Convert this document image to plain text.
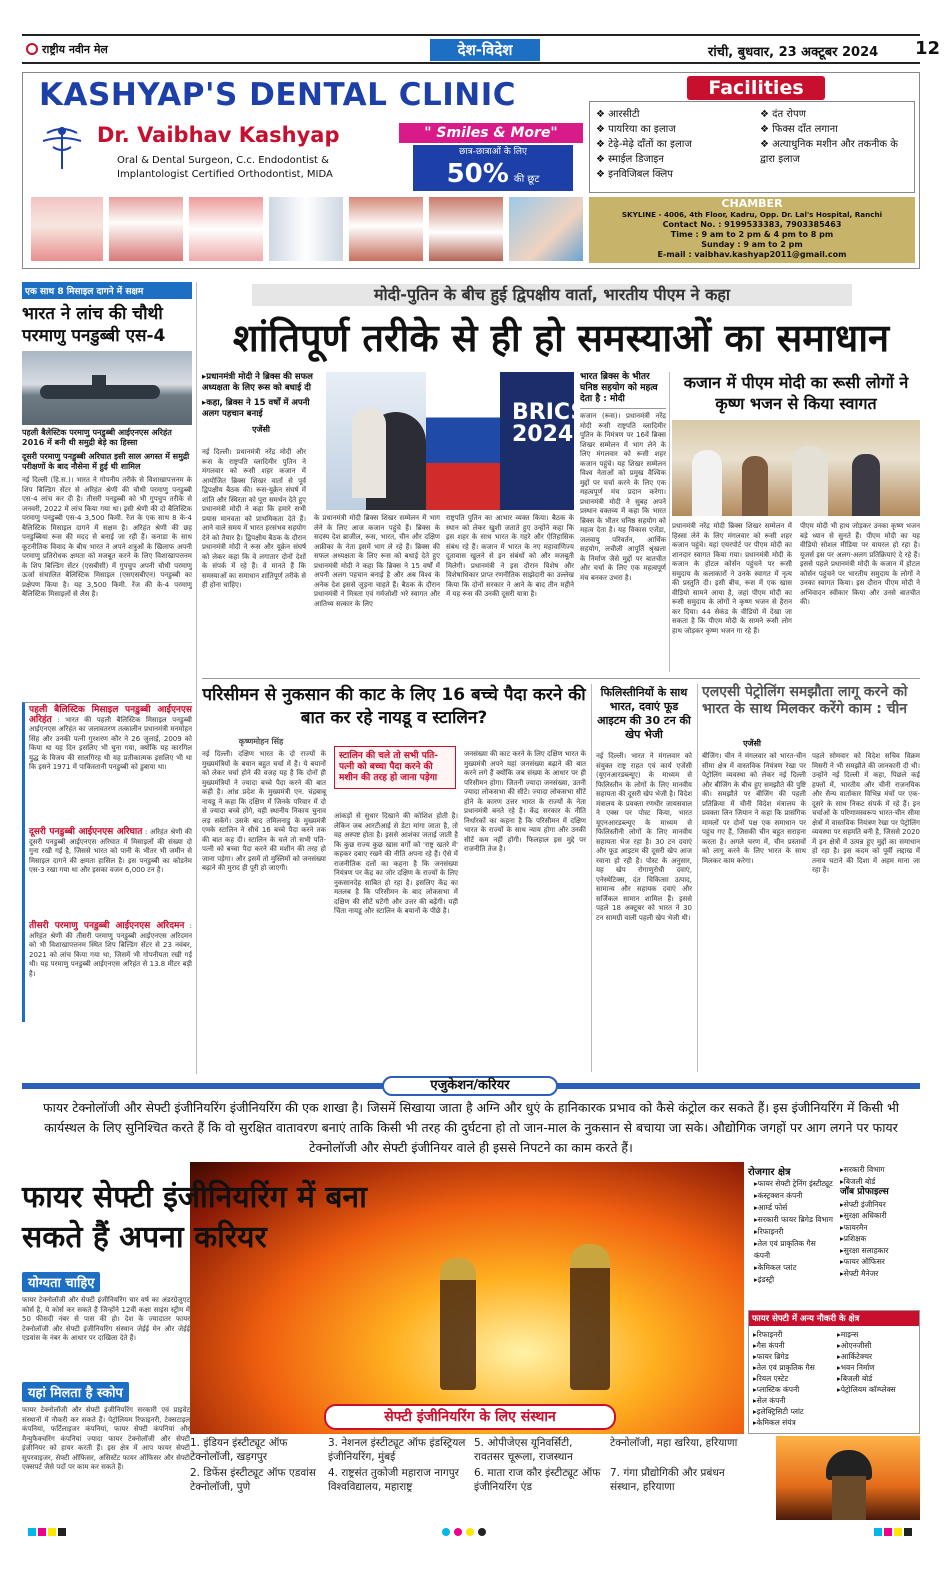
राष्ट्रीय नवीन मेल	देश-विदेश	रांची, बुधवार, 23 अक्टूबर 2024 12
KASHYAP'S DENTAL CLINIC
Dr. Vaibhav Kashyap	" Smiles & More"
Oral & Dental Surgeon, C.c. Endodontist &
Implantologist Certified Orthodontist, MIDA
छात्र-छात्राओं के लिए
50% की छूट
Facilities
❖ आरसीटी
❖ पायरिया का इलाज
❖ टेढ़े-मेढ़े दाँतों का इलाज
❖ स्माईल डिजाइन
❖ इनविजिबल क्लिप
❖ दंत रोपण
❖ फिक्स दाँत लगाना
❖ अत्याधुनिक मशीन और तकनीक के द्वारा इलाज
CHAMBER
SKYLINE - 4006, 4th Floor, Kadru, Opp. Dr. Lal's Hospital, Ranchi
Contact No. : 9199533383, 7903385463
Time : 9 am to 2 pm & 4 pm to 8 pm
Sunday : 9 am to 2 pm
E-mail : vaibhav.kashyap2011@gmail.com
एक साथ 8 मिसाइल दागने में सक्षम
भारत ने लांच की चौथी परमाणु पनडुब्बी एस-4
पहली बैलेस्टिक परमाणु पनडुब्बी आईएनएस अरिहंत 2016 में बनी थी समुद्री बेड़े का हिस्सा
दूसरी परमाणु पनडुब्बी अरिघात इसी साल अगस्त में समुद्री परीक्षणों के बाद नौसेना में हुई थी शामिल
नई दिल्ली (हि.स.)। भारत ने गोपनीय तरीके से विशाखापत्तनम के शिप बिल्डिंग सेंटर से अरिहंत श्रेणी की चौथी परमाणु पनडुब्बी एस-4 लांच कर दी है। तीसरी पनडुब्बी को भी गुपचुप तरीके से जनवरी, 2022 में लांच किया गया था। इसी श्रेणी की दो बैलिस्टिक परमाणु पनडुब्बी एस-4 3,500 किमी. रेंज के एक साथ 8 के-4 बैलिस्टिक मिसाइल दागने में सक्षम है। अरिहंत श्रेणी की छह पनडुब्बियां रूस की मदद से बनाई जा रही हैं। कनाडा के साथ कूटनीतिक विवाद के बीच भारत ने अपने शत्रुओं के खिलाफ अपनी परमाणु प्रतिरोधक क्षमता को मजबूत करने के लिए विशाखापत्तनम के शिप बिल्डिंग सेंटर (एसबीसी) में गुपचुप अपनी चौथी परमाणु ऊर्जा संचालित बैलिस्टिक मिसाइल (एसएसबीएन) पनडुब्बी का प्रक्षेपण किया है। यह 3,500 किमी. रेंज की के-4 परमाणु बैलिस्टिक मिसाइलों से लैस है।
पहली बैलिस्टिक मिसाइल पनडुब्बी आईएनएस अरिहंत : भारत की पहली बैलिस्टिक मिसाइल पनडुब्बी आईएनएस अरिहंत का जलावतरण तत्कालीन प्रधानमंत्री मनमोहन सिंह और उनकी पत्नी गुरशरण कौर ने 26 जुलाई, 2009 को किया था यह दिन इसलिए भी चुना गया, क्योंकि यह कारगिल युद्ध के विजय की सालगिरह थी यह प्रतीकात्मक इसलिए भी था कि इसने 1971 में पाकिस्तानी पनडुब्बी को डुबाया था।
दूसरी पनडुब्बी आईएनएस अरिघात : अरिहंत श्रेणी की दूसरी पनडुब्बी आईएनएस अरिघात में मिसाइलों की संख्या दो गुना रखी गई है, जिससे भारत को पानी के भीतर भी जमीन से मिसाइल दागने की क्षमता हासिल है। इस पनडुब्बी का कोडनेम एस-3 रखा गया था और इसका वजन 6,000 टन है।
तीसरी परमाणु पनडुब्बी आईएनएस अरिदमन : अरिहंत श्रेणी की तीसरी परमाणु पनडुब्बी आईएनएस अरिदमन को भी विशाखापत्तनम स्थित शिप बिल्डिंग सेंटर से 23 नवंबर, 2021 को लांच किया गया था, जिसमें भी गोपनीयता रखी गई थी। यह परमाणु पनडुब्बी आईएनएस अरिहंत से 13.8 मीटर बड़ी है।
मोदी-पुतिन के बीच हुई द्विपक्षीय वार्ता, भारतीय पीएम ने कहा
शांतिपूर्ण तरीके से ही हो समस्याओं का समाधान
▸ प्रधानमंत्री मोदी ने ब्रिक्स की सफल अध्यक्षता के लिए रूस को बधाई दी
▸ कहा, ब्रिक्स ने 15 वर्षों में अपनी अलग पहचान बनाई
एजेंसी
BRICS
2024
भारत ब्रिक्स के भीतर घनिष्ठ सहयोग को महत्व देता है : मोदी
कजान (रूस)। प्रधानमंत्री नरेंद्र मोदी रूसी राष्ट्रपति व्लादिमीर पुतिन के निमंत्रण पर 16वें ब्रिक्स शिखर सम्मेलन में भाग लेने के लिए मंगलवार को रूसी शहर कजान पहुंचे। यह शिखर सम्मेलन विश्व नेताओं को प्रमुख वैश्विक मुद्दों पर चर्चा करने के लिए एक महत्वपूर्ण मंच प्रदान करेगा। प्रधानमंत्री मोदी ने सुबह अपने प्रस्थान वक्तव्य में कहा कि भारत ब्रिक्स के भीतर घनिष्ठ सहयोग को महत्व देता है। यह विकास एजेंडा, जलवायु परिवर्तन, आर्थिक सहयोग, लचीली आपूर्ति श्रृंखला के निर्माण जैसे मुद्दों पर बातचीत और चर्चा के लिए एक महत्वपूर्ण मंच बनकर उभरा है।
नई दिल्ली। प्रधानमंत्री नरेंद्र मोदी और रूस के राष्ट्रपति व्लादिमीर पुतिन ने मंगलवार को रूसी शहर कजान में आयोजित ब्रिक्स शिखर वार्ता से पूर्व द्विपक्षीय बैठक की। रूस-यूक्रेन संघर्ष में शांति और स्थिरता को पूरा समर्थन देते हुए प्रधानमंत्री मोदी ने कहा कि हमारे सभी प्रयास मानवता को प्राथमिकता देते हैं। आने वाले समय में भारत हरसंभव सहयोग देने को तैयार है। द्विपक्षीय बैठक के दौरान प्रधानमंत्री मोदी ने रूस और यूक्रेन संघर्ष को लेकर कहा कि वे लगातार दोनों देशों के संपर्क में रहे हैं। वे मानते हैं कि समस्याओं का समाधान शांतिपूर्ण तरीके से ही होना चाहिए।
के प्रधानमंत्री मोदी ब्रिक्स शिखर सम्मेलन में भाग लेने के लिए आज कजान पहुंचे हैं। ब्रिक्स के सदस्य देश ब्राजील, रूस, भारत, चीन और दक्षिण अफ्रीका के नेता इसमें भाग ले रहे हैं। ब्रिक्स की सफल अध्यक्षता के लिए रूस को बधाई देते हुए प्रधानमंत्री मोदी ने कहा कि ब्रिक्स ने 15 वर्षों में अपनी अलग पहचान बनाई है और अब विश्व के अनेक देश इससे जुड़ना चाहते हैं। बैठक के दौरान प्रधानमंत्री ने मित्रता एवं गर्मजोशी भरे स्वागत और आतिथ्य सत्कार के लिए
राष्ट्रपति पुतिन का आभार व्यक्त किया। बैठक के स्थान को लेकर खुशी जताते हुए उन्होंने कहा कि इस शहर के साथ भारत के गहरे और ऐतिहासिक संबंध रहे हैं। कजान में भारत के नए महावाणिज्य दूतावास खुलने से इन संबंधों को और मजबूती मिलेगी। प्रधानमंत्री ने इस दौरान विशेष और विशेषाधिकार प्राप्त रणनीतिक साझेदारी का उल्लेख किया कि दोनों सरकार ने आने के बाद तीन महीने में यह रूस की उनकी दूसरी यात्रा है।
कजान में पीएम मोदी का रूसी लोगों ने कृष्ण भजन से किया स्वागत
प्रधानमंत्री नरेंद्र मोदी ब्रिक्स शिखर सम्मेलन में हिस्सा लेने के लिए मंगलवार को रूसी शहर कजान पहुंचे। यहां एयरपोर्ट पर पीएम मोदी का शानदार स्वागत किया गया। प्रधानमंत्री मोदी के कजान के होटल कोर्सन पहुंचने पर रूसी समुदाय के कलाकारों ने उनके स्वागत में नृत्य की प्रस्तुति दी। इसी बीच, रूस में एक खास वीडियो सामने आया है, जहां पीएम मोदी का रूसी समुदाय के लोगों ने कृष्ण भजन से हैरान कर दिया। 44 सेकंड के वीडियो में देखा जा सकता है कि पीएम मोदी के सामने रूसी लोग हाथ जोड़कर कृष्ण भजन गा रहे हैं।
पीएम मोदी भी हाथ जोड़कर उनका कृष्ण भजन बड़े ध्यान से सुनते हैं। पीएम मोदी का यह वीडियो सोशल मीडिया पर वायरल हो रहा है। यूजर्स इस पर अलग-अलग प्रतिक्रियाएं दे रहे हैं। इससे पहले प्रधानमंत्री मोदी के कजान में होटल कोर्सन पहुंचने पर भारतीय समुदाय के लोगों ने उनका स्वागत किया। इस दौरान पीएम मोदी ने अभिवादन स्वीकार किया और उनसे बातचीत की।
परिसीमन से नुकसान की काट के लिए 16 बच्चे पैदा करने की बात कर रहे नायडू व स्टालिन?
कृष्णमोहन सिंह
नई दिल्ली। दक्षिण भारत के दो राज्यों के मुख्यमंत्रियों के बयान बहुत चर्चा में हैं। ये बयानों को लेकर चर्चा होने की वजह यह है कि दोनों ही मुख्यमंत्रियों ने ज्यादा बच्चे पैदा करने की बात कही है। आंध्र प्रदेश के मुख्यमंत्री एन. चंद्रबाबू नायडू ने कहा कि दक्षिण में जिनके परिवार में दो से ज्यादा बच्चे होंगे, वही स्थानीय निकाय चुनाव लड़ सकेंगे। उसके बाद तमिलनाडु के मुख्यमंत्री एमके स्टालिन ने सीधे 16 बच्चे पैदा करने तक की बात कह दी। स्टालिन के चले तो सभी पति-पत्नी को बच्चा पैदा करने की मशीन की तरह हो जाना पड़ेगा। और इसमें तो मुस्लिमों को जनसंख्या बढ़ाने की मुराद ही पूरी हो जाएगी।
स्टालिन की चले तो सभी पति-पत्नी को बच्चा पैदा करने की मशीन की तरह हो जाना पड़ेगा
आंकड़ों से सुधार दिखाने की कोशिश होती है। लेकिन जब आरटीआई से डेटा मांगा जाता है, तो वह अस्पष्ट होता है। इससे आशंका जताई जाती है कि कुछ राज्य कुछ खास वर्गों को 'राष्ट्र खतरे में' कहकर दबाए रखने की नीति अपना रहे हैं। ऐसे में राजनीतिक दलों का कहना है कि जनसंख्या नियंत्रण पर केंद्र का जोर दक्षिण के राज्यों के लिए नुकसानदेह साबित हो रहा है। इसलिए केंद्र का मतलब है कि परिसीमन के बाद लोकसभा में दक्षिण की सीटें घटेंगी और उत्तर की बढ़ेंगी। यही चिंता नायडू और स्टालिन के बयानों के पीछे है।
जनसंख्या की काट करने के लिए दक्षिण भारत के मुख्यमंत्री अपने यहां जनसंख्या बढ़ाने की बात करने लगे हैं क्योंकि जब संख्या के आधार पर ही परिसीमन होगा। जितनी ज्यादा जनसंख्या, उतनी ज्यादा लोकसभा की सीटें। ज्यादा लोकसभा सीटें होने के कारण उत्तर भारत के राज्यों के नेता प्रधानमंत्री बनते रहे हैं। केंद्र सरकार के नीति निर्धारकों का कहना है कि परिसीमन में दक्षिण भारत के राज्यों के साथ न्याय होगा और उनकी सीटें कम नहीं होंगी। फिलहाल इस मुद्दे पर राजनीति तेज है।
फिलिस्तीनियों के साथ भारत, दवाएं फूड आइटम की 30 टन की खेप भेजी
नई दिल्ली। भारत ने मंगलवार को संयुक्त राष्ट्र राहत एवं कार्य एजेंसी (यूएनआरडब्ल्यूए) के माध्यम से फिलिस्तीन के लोगों के लिए मानवीय सहायता की दूसरी खेप भेजी है। विदेश मंत्रालय के प्रवक्ता रणधीर जायसवाल ने एक्स पर पोस्ट किया, भारत यूएनआरडब्ल्यूए के माध्यम से फिलिस्तीनी लोगों के लिए मानवीय सहायता भेज रहा है। 30 टन दवाएं और फूड आइटम की दूसरी खेप आज रवाना हो रही है। पोस्ट के अनुसार, यह खेप रोगाणुरोधी दवाएं, एनेस्थेटिक्स, दंत चिकित्सा उत्पाद, सामान्य और सहायक दवाएं और सर्जिकल सामान शामिल हैं। इससे पहले 18 अक्टूबर को भारत ने 30 टन सामग्री वाली पहली खेप भेजी थी।
एलएसी पेट्रोलिंग समझौता लागू करने को भारत के साथ मिलकर करेंगे काम : चीन
एजेंसी
बीजिंग। चीन ने मंगलवार को भारत-चीन सीमा क्षेत्र में वास्तविक नियंत्रण रेखा पर पेट्रोलिंग व्यवस्था को लेकर नई दिल्ली और बीजिंग के बीच हुए समझौते की पुष्टि की। समझौते पर बीजिंग की पहली प्रतिक्रिया में चीनी विदेश मंत्रालय के प्रवक्ता लिन जियान ने कहा कि प्रासंगिक मामलों पर दोनों पक्ष एक समाधान पर पहुंच गए हैं, जिसकी चीन बहुत सराहना करता है। अगले चरण में, चीन प्रस्तावों को लागू करने के लिए भारत के साथ मिलकर काम करेगा।
पहले सोमवार को विदेश सचिव विक्रम मिसरी ने भी समझौते की जानकारी दी थी। उन्होंने नई दिल्ली में कहा, पिछले कई हफ्तों में, भारतीय और चीनी राजनयिक और सैन्य वार्ताकार विभिन्न मंचों पर एक-दूसरे के साथ निकट संपर्क में रहे हैं। इन चर्चाओं के परिणामस्वरूप भारत-चीन सीमा क्षेत्रों में वास्तविक नियंत्रण रेखा पर पेट्रोलिंग व्यवस्था पर सहमति बनी है, जिससे 2020 में इन क्षेत्रों में उत्पन्न हुए मुद्दों का समाधान हो रहा है। इस कदम को पूर्वी लद्दाख में तनाव घटाने की दिशा में अहम माना जा रहा है।
एजुकेशन/करियर
फायर टेक्नोलॉजी और सेफ्टी इंजीनियरिंग इंजीनियरिंग की एक शाखा है। जिसमें सिखाया जाता है अग्नि और धुएं के हानिकारक प्रभाव को कैसे कंट्रोल कर सकते हैं। इस इंजीनियरिंग में किसी भी कार्यस्थल के लिए सुनिश्चित करते हैं कि वो सुरक्षित वातावरण बनाएं ताकि किसी भी तरह की दुर्घटना हो तो जान-माल के नुकसान से बचाया जा सके। औद्योगिक जगहों पर आग लगने पर फायर टेक्नोलॉजी और सेफ्टी इंजीनियर वाले ही इससे निपटने का काम करते हैं।
फायर सेफ्टी इंजीनियरिंग में बना सकते हैं अपना करियर
योग्यता चाहिए
फायर टेक्नोलॉजी और सेफ्टी इंजीनियरिंग चार वर्ष का अंडरग्रेजुएट कोर्स है, ये कोर्स कर सकते हैं जिन्होंने 12वीं कक्षा साइंस स्ट्रीम में 50 फीसदी नंबर से पास की हो। देश के ज्यादातर फायर टेक्नोलॉजी और सेफ्टी इंजीनियरिंग संस्थान जेईई मेन और जेईई एडवांस के नंबर के आधार पर दाखिला देते हैं।
यहां मिलता है स्कोप
फायर टेक्नोलॉजी और सेफ्टी इंजीनियरिंग सरकारी एवं प्राइवेट संस्थानों में नौकरी कर सकते हैं। पेट्रोलियम रिफाइनरी, टेक्सटाइल कंपनियां, फर्टिलाइजर कंपनियां, फायर सेफ्टी कंपनियां और मैन्युफैक्चरिंग कंपनियां ज्यादा फायर टेक्नोलॉजी और सेफ्टी इंजीनियर को हायर करती हैं। इस क्षेत्र में आप फायर सेफ्टी सुपरवाइजर, सेफ्टी ऑफिसर, असिस्टेंट फायर ऑफिसर और सेफ्टी एक्सपर्ट जैसे पदों पर काम कर सकते हैं।
रोजगार क्षेत्र
▸ फायर सेफ्टी ट्रेनिंग इंस्टीट्यूट
▸ कंस्ट्रक्शन कंपनी
▸ आर्म्ड फोर्स
▸ सरकारी फायर ब्रिगेड विभाग
▸ रिफाइनरी
▸ तेल एवं प्राकृतिक गैस कंपनी
▸ केमिकल प्लांट
▸ इंडस्ट्री
▸ सरकारी विभाग
▸ बिजली बोर्ड
जॉब प्रोफाइल्स
▸ सेफ्टी इंजीनियर
▸ सुरक्षा अधिकारी
▸ फायरमैन
▸ प्रशिक्षक
▸ सुरक्षा सलाहकार
▸ फायर ऑफिसर
▸ सेफ्टी मैनेजर
फायर सेफ्टी में अन्य नौकरी के क्षेत्र
▸ रिफाइनरी
▸ गैस कंपनी
▸ फायर ब्रिगेड
▸ तेल एवं प्राकृतिक गैस
▸ रियल एस्टेट
▸ प्लास्टिक कंपनी
▸ सेल कंपनी
▸ इलेक्ट्रिसिटी प्लांट
▸ केमिकल संयंत्र
▸ माइन्स
▸ ओएनजीसी
▸ आर्किटेक्चर
▸ भवन निर्माण
▸ बिजली बोर्ड
▸ पेट्रोलियम कॉम्प्लेक्स
सेफ्टी इंजीनियरिंग के लिए संस्थान
1. इंडियन इंस्टीट्यूट ऑफ टेक्नोलॉजी, खड़गपुर
2. डिफेंस इंस्टीट्यूट ऑफ एडवांस टेक्नोलॉजी, पुणे
3. नेशनल इंस्टीट्यूट ऑफ इंडस्ट्रियल इंजीनियरिंग, मुंबई
4. राष्ट्रसंत तुकोजी महाराज नागपुर विश्वविद्यालय, महाराष्ट्र
5. ओपीजेएस यूनिवर्सिटी, रावतसर चूरूला, राजस्थान
6. माता राज कौर इंस्टीट्यूट ऑफ इंजीनियरिंग एंड
टेक्नोलॉजी, महा खरिया, हरियाणा
7. गंगा प्रौद्योगिकी और प्रबंधन संस्थान, हरियाणा
